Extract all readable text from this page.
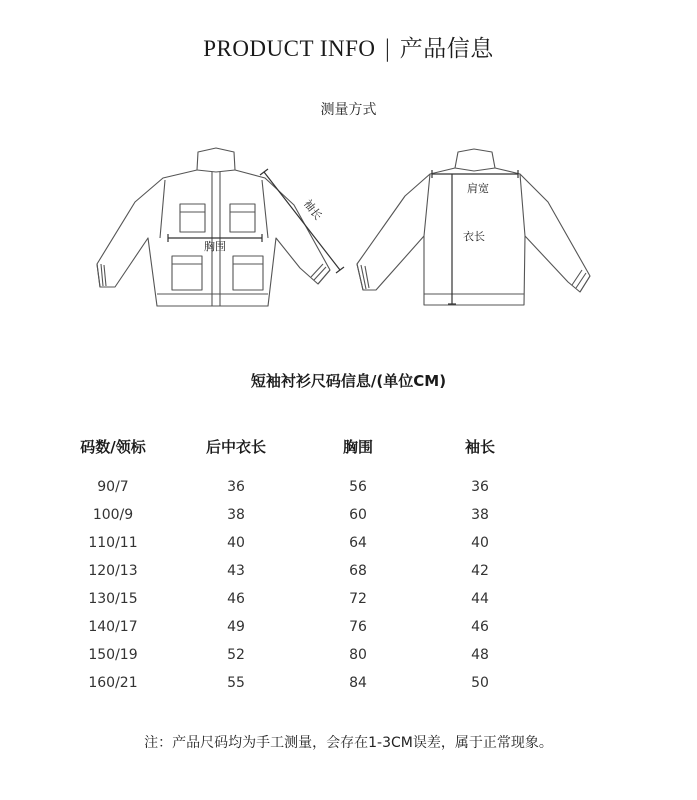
PRODUCT INFO | 产品信息
测量方式
胸围
袖长
肩宽
衣长
短袖衬衫尺码信息/(单位CM)
码数/领标	后中衣长	胸围	袖长
90/7	36	56	36
100/9	38	60	38
110/11	40	64	40
120/13	43	68	42
130/15	46	72	44
140/17	49	76	46
150/19	52	80	48
160/21	55	84	50
注：产品尺码均为手工测量，会存在1-3CM误差，属于正常现象。
